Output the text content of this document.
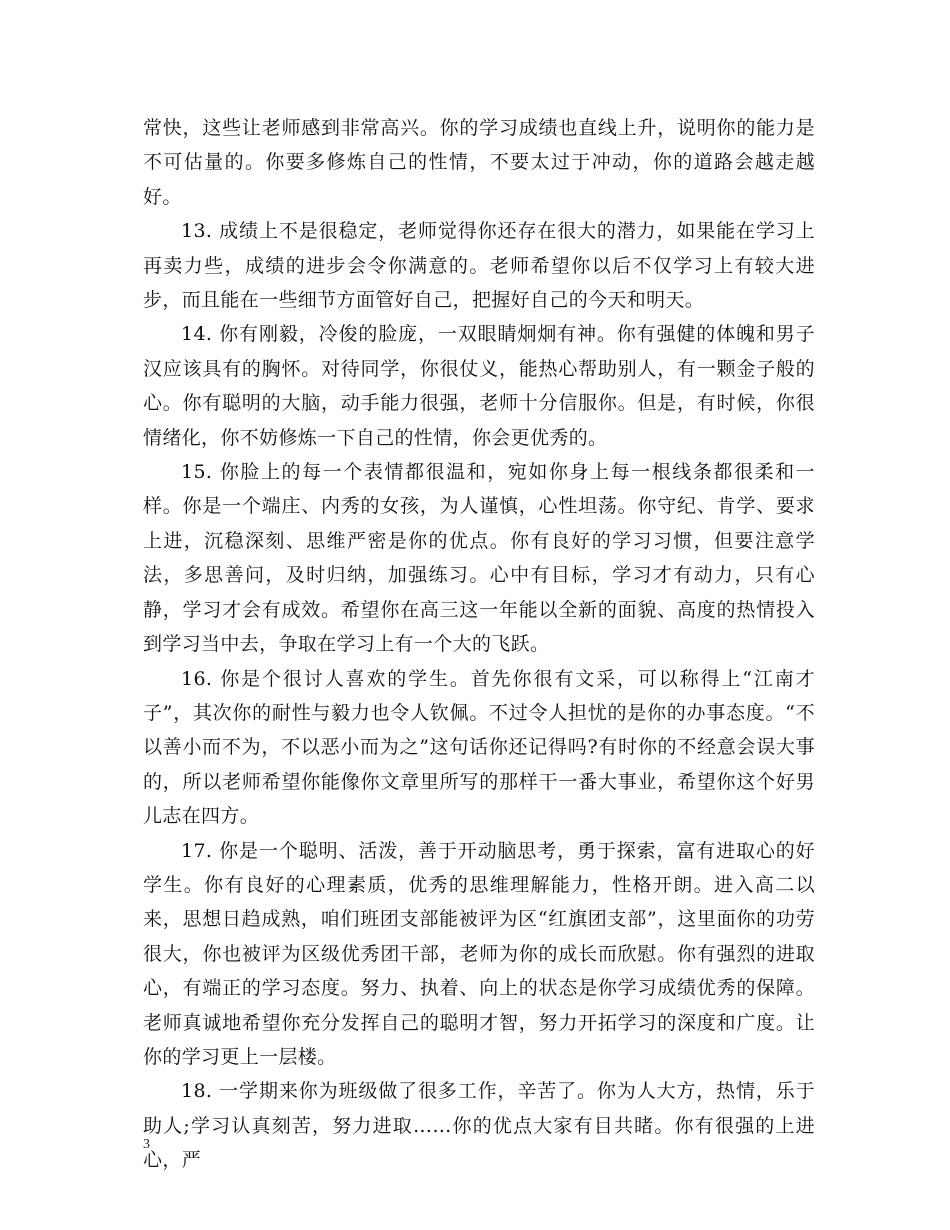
常快，这些让老师感到非常高兴。你的学习成绩也直线上升，说明你的能力是不可估量的。你要多修炼自己的性情，不要太过于冲动，你的道路会越走越好。

13. 成绩上不是很稳定，老师觉得你还存在很大的潜力，如果能在学习上再卖力些，成绩的进步会令你满意的。老师希望你以后不仅学习上有较大进步，而且能在一些细节方面管好自己，把握好自己的今天和明天。

14. 你有刚毅，冷俊的脸庞，一双眼睛炯炯有神。你有强健的体魄和男子汉应该具有的胸怀。对待同学，你很仗义，能热心帮助别人，有一颗金子般的心。你有聪明的大脑，动手能力很强，老师十分信服你。但是，有时候，你很情绪化，你不妨修炼一下自己的性情，你会更优秀的。

15. 你脸上的每一个表情都很温和，宛如你身上每一根线条都很柔和一样。你是一个端庄、内秀的女孩，为人谨慎，心性坦荡。你守纪、肯学、要求上进，沉稳深刻、思维严密是你的优点。你有良好的学习习惯，但要注意学法，多思善问，及时归纳，加强练习。心中有目标，学习才有动力，只有心静，学习才会有成效。希望你在高三这一年能以全新的面貌、高度的热情投入到学习当中去，争取在学习上有一个大的飞跃。

16. 你是个很讨人喜欢的学生。首先你很有文采，可以称得上“江南才子”，其次你的耐性与毅力也令人钦佩。不过令人担忧的是你的办事态度。“不以善小而不为，不以恶小而为之”这句话你还记得吗?有时你的不经意会误大事的，所以老师希望你能像你文章里所写的那样干一番大事业，希望你这个好男儿志在四方。

17. 你是一个聪明、活泼，善于开动脑思考，勇于探索，富有进取心的好学生。你有良好的心理素质，优秀的思维理解能力，性格开朗。进入高二以来，思想日趋成熟，咱们班团支部能被评为区“红旗团支部”，这里面你的功劳很大，你也被评为区级优秀团干部，老师为你的成长而欣慰。你有强烈的进取心，有端正的学习态度。努力、执着、向上的状态是你学习成绩优秀的保障。老师真诚地希望你充分发挥自己的聪明才智，努力开拓学习的深度和广度。让你的学习更上一层楼。

18. 一学期来你为班级做了很多工作，辛苦了。你为人大方，热情，乐于助人;学习认真刻苦，努力进取……你的优点大家有目共睹。你有很强的上进心，严

3
